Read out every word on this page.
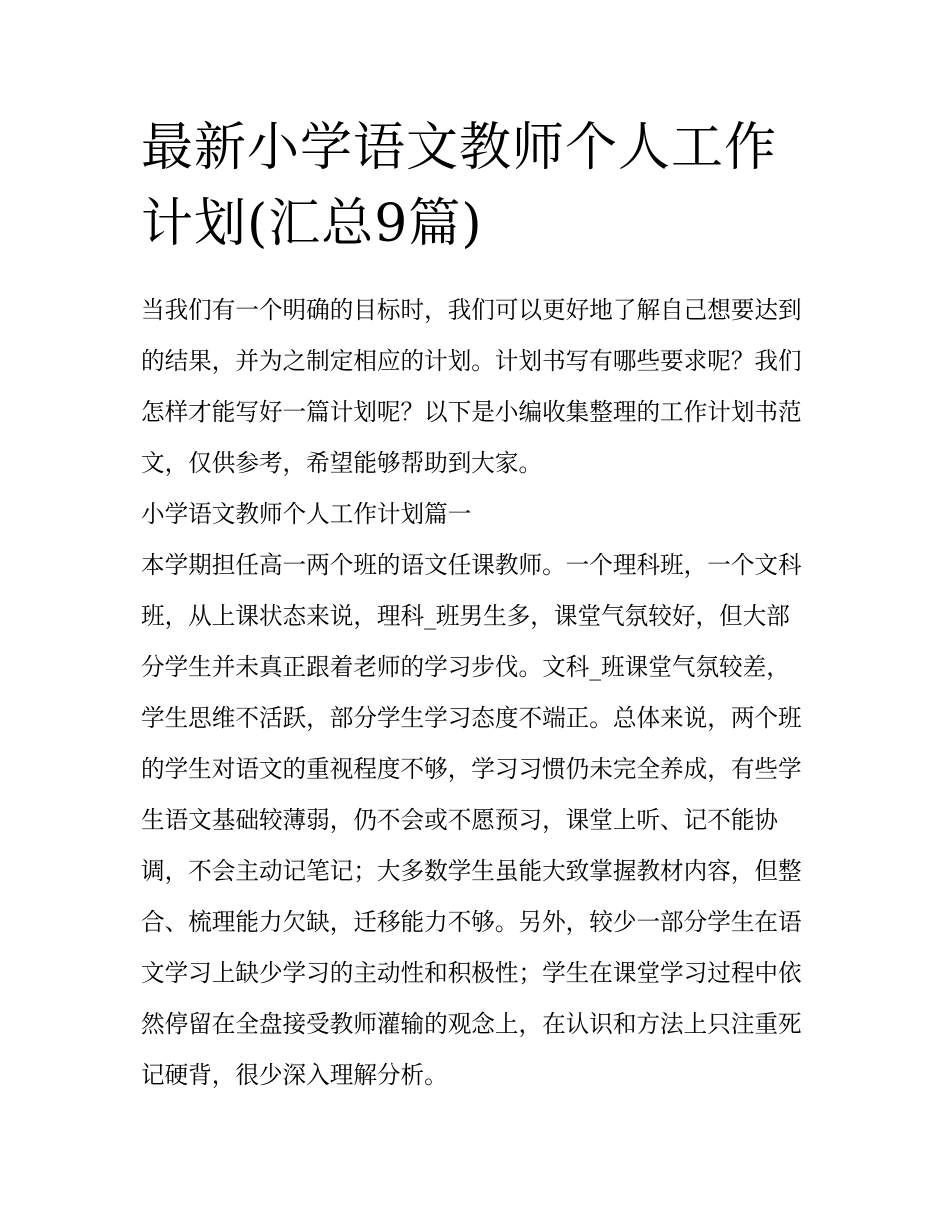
最新小学语文教师个人工作计划(汇总9篇)

当我们有一个明确的目标时，我们可以更好地了解自己想要达到的结果，并为之制定相应的计划。计划书写有哪些要求呢？我们怎样才能写好一篇计划呢？以下是小编收集整理的工作计划书范文，仅供参考，希望能够帮助到大家。

小学语文教师个人工作计划篇一

本学期担任高一两个班的语文任课教师。一个理科班，一个文科班，从上课状态来说，理科_班男生多，课堂气氛较好，但大部分学生并未真正跟着老师的学习步伐。文科_班课堂气氛较差，学生思维不活跃，部分学生学习态度不端正。总体来说，两个班的学生对语文的重视程度不够，学习习惯仍未完全养成，有些学生语文基础较薄弱，仍不会或不愿预习，课堂上听、记不能协调，不会主动记笔记；大多数学生虽能大致掌握教材内容，但整合、梳理能力欠缺，迁移能力不够。另外，较少一部分学生在语文学习上缺少学习的主动性和积极性；学生在课堂学习过程中依然停留在全盘接受教师灌输的观念上，在认识和方法上只注重死记硬背，很少深入理解分析。
